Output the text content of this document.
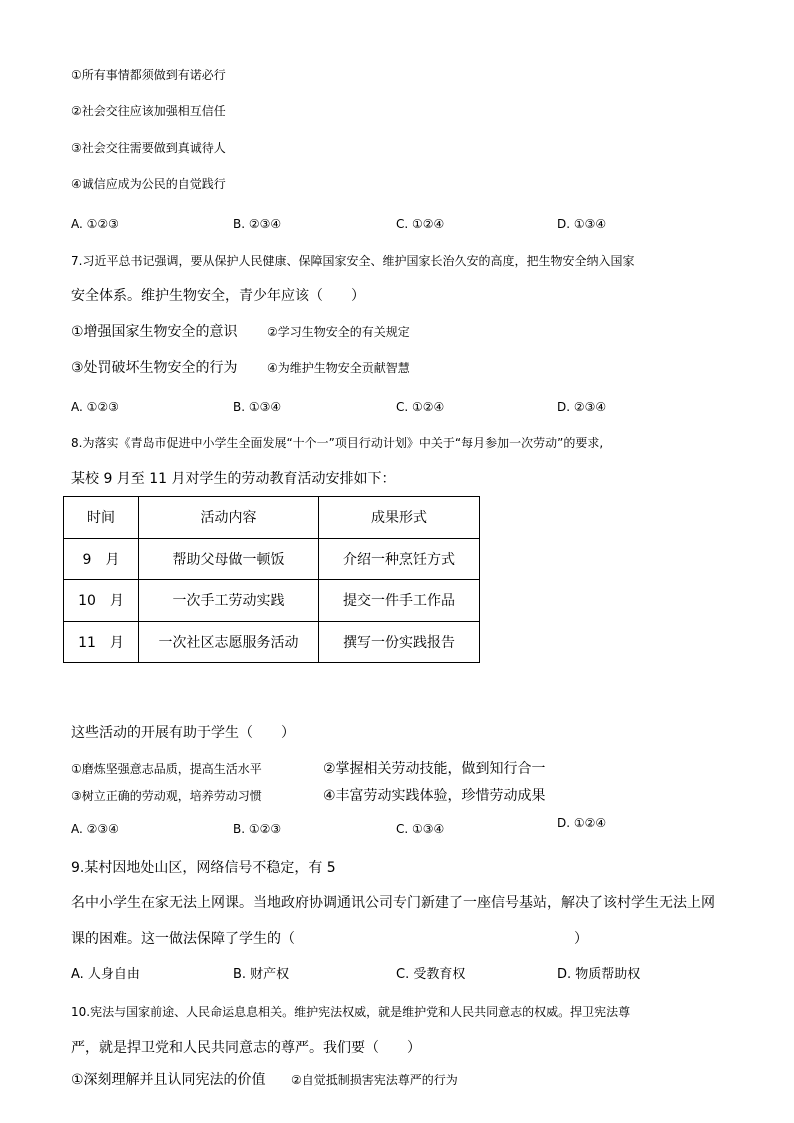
①所有事情都须做到有诺必行
②社会交往应该加强相互信任
③社会交往需要做到真诚待人
④诚信应成为公民的自觉践行
A. ①②③	B. ②③④	C. ①②④	D. ①③④
7.习近平总书记强调，要从保护人民健康、保障国家安全、维护国家长治久安的高度，把生物安全纳入国家
安全体系。维护生物安全，青少年应该（　　）
①增强国家生物安全的意识 ②学习生物安全的有关规定
③处罚破坏生物安全的行为 ④为维护生物安全贡献智慧
A. ①②③	B. ①③④	C. ①②④	D. ②③④
8.为落实《青岛市促进中小学生全面发展“十个一”项目行动计划》中关于“每月参加一次劳动”的要求,
某校 9 月至 11 月对学生的劳动教育活动安排如下：
时间	活动内容	成果形式
9　月	帮助父母做一顿饭	介绍一种烹饪方式
10　月	一次手工劳动实践	提交一件手工作品
11　月	一次社区志愿服务活动	撰写一份实践报告
这些活动的开展有助于学生（　　）
①磨炼坚强意志品质，提高生活水平	②掌握相关劳动技能，做到知行合一
③树立正确的劳动观，培养劳动习惯	④丰富劳动实践体验，珍惜劳动成果
A. ②③④	B. ①②③	C. ①③④	D. ①②④
9.某村因地处山区，网络信号不稳定，有 5
名中小学生在家无法上网课。当地政府协调通讯公司专门新建了一座信号基站，解决了该村学生无法上网
课的困难。这一做法保障了学生的（	）
A. 人身自由	B. 财产权	C. 受教育权	D. 物质帮助权
10.宪法与国家前途、人民命运息息相关。维护宪法权威，就是维护党和人民共同意志的权威。捍卫宪法尊
严，就是捍卫党和人民共同意志的尊严。我们要（　　）
①深刻理解并且认同宪法的价值 ②自觉抵制损害宪法尊严的行为
